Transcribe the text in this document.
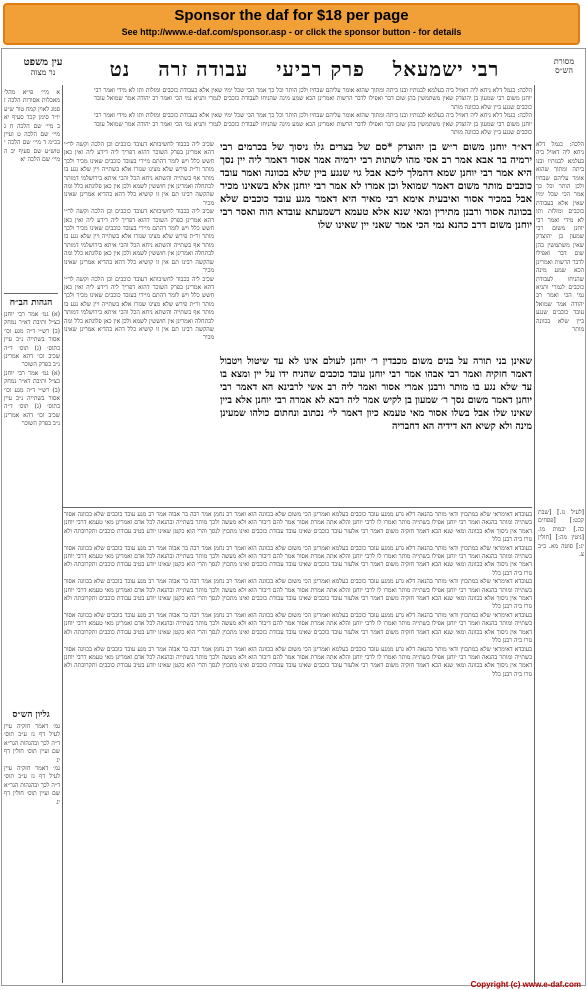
Sponsor the daf for $18 per page
See http://www.e-daf.com/sponsor.asp - or click the sponsor button - for details
עין משפט
נר מצוה	רבי ישמעאל פרק רביעי עבודה זרה נט	מסורת הש״ס

הלכה: כגמל דלא ניחא ליה דאזיל ביה בעלמא לבנותיו ובנו ביתה ומתוך שהוא אומר עליהם שבחיו ולכן הותר וכל כך אמר הכי שכל ימיו שאין אלא בעבודת כוכבים ומזלות ותו לא מידי ואמר רבי יוחנן משום רבי שמעון בן יהוצדק שאין משתמשין בהן שום דבר ואפילו לדבר הרשות ואמרינן הכא שמע מינה שהניחו לעבודת כוכבים לגמרי ותניא נמי הכי ואמר רב יהודה אמר שמואל עובד כוכבים שנגע ביין שלא בכוונה מותר

הלכה: כגמל דלא ניחא ליה דאזיל ביה בעלמא לבנותיו ובנו ביתה ומתוך שהוא אומר עליהם שבחיו ולכן הותר וכל כך אמר הכי שכל ימיו שאין אלא בעבודת כוכבים ומזלות ותו לא מידי ואמר רבי יוחנן משום רבי שמעון בן יהוצדק שאין משתמשין בהן שום דבר ואפילו לדבר הרשות ואמרינן הכא שמע מינה שהניחו לעבודת כוכבים לגמרי ותניא נמי הכי ואמר רב יהודה אמר שמואל עובד כוכבים שנגע ביין שלא בכוונה מותר

שכיב ליה בכבוד לחשיבותא דעובד כוכבים וכן הלכה וקשה לר״י דהא אמרינן בפרק השוכר דהוא דפריך ליה דידע ליה ואין כאן חשש כלל ויש לומר דהתם מיירי בעובד כוכבים שאינו מכיר ולכך מותר ור״ת פירש שלא מצינו שגזרו אלא בשתייה ויין שלא נגע בו מותר אף בשתייה והשתא ניחא הכל והכי איתא בירושלמי דמותר לכתחלה ואמרינן אין חוששין לשמא ולכן אין כאן פלוגתא כלל ומה שהקשה רבינו תם אין זו קושיא כלל דהא בהדיא אמרינן שאינו מכיר

שכיב ליה בכבוד לחשיבותא דעובד כוכבים וכן הלכה וקשה לר״י דהא אמרינן בפרק השוכר דהוא דפריך ליה דידע ליה ואין כאן חשש כלל ויש לומר דהתם מיירי בעובד כוכבים שאינו מכיר ולכך מותר ור״ת פירש שלא מצינו שגזרו אלא בשתייה ויין שלא נגע בו מותר אף בשתייה והשתא ניחא הכל והכי איתא בירושלמי דמותר לכתחלה ואמרינן אין חוששין לשמא ולכן אין כאן פלוגתא כלל ומה שהקשה רבינו תם אין זו קושיא כלל דהא בהדיא אמרינן שאינו מכיר

שכיב ליה בכבוד לחשיבותא דעובד כוכבים וכן הלכה וקשה לר״י דהא אמרינן בפרק השוכר דהוא דפריך ליה דידע ליה ואין כאן חשש כלל ויש לומר דהתם מיירי בעובד כוכבים שאינו מכיר ולכך מותר ור״ת פירש שלא מצינו שגזרו אלא בשתייה ויין שלא נגע בו מותר אף בשתייה והשתא ניחא הכל והכי איתא בירושלמי דמותר לכתחלה ואמרינן אין חוששין לשמא ולכן אין כאן פלוגתא כלל ומה שהקשה רבינו תם אין זו קושיא כלל דהא בהדיא אמרינן שאינו מכיר

דא״ר יוחנן משום ר״ש בן יהוצדק *סם של בצרים גלו ניסוך של בכרמים רבי ירמיה בר אבא אמר רב אסי מהו לשתות רבי ירמיה אמר אסור דאמר ליה יין נסך היא אמר רבי יוחנן שמא דהמלך ליכא אבל גוי שנגע ביין שלא בכוונה ואמר עובד כוכבים מותר משום דאמר שמואל וכן אמרו לא אמר רבי יוחנן אלא בשאינו מכיר אבל במכיר אסור ואיבעית אימא רבי מאיר היא דאמר מגע עובד כוכבים שלא בכוונה אסור ורבנן מתירין ומאי שנא אלא טעמא דשמעתא עובדא הוה ואסר רבי יוחנן משום דרב כהנא נמי הכי אמר שאני יין שאינו שלו

הלכה: כגמל דלא ניחא ליה דאזיל ביה בעלמא לבנותיו ובנו ביתה ומתוך שהוא אומר עליהם שבחיו ולכן הותר וכל כך אמר הכי שכל ימיו שאין אלא בעבודת כוכבים ומזלות ותו לא מידי ואמר רבי יוחנן משום רבי שמעון בן יהוצדק שאין משתמשין בהן שום דבר ואפילו לדבר הרשות ואמרינן הכא שמע מינה שהניחו לעבודת כוכבים לגמרי ותניא נמי הכי ואמר רב יהודה אמר שמואל עובד כוכבים שנגע ביין שלא בכוונה מותר

שאינן בני תורה על בנים משום מכבדין ר׳ יוחנן לעולם אינו לא עד שיטול ויטבול דאמר חזקיה ואמר רבי אבהו אמר רבי יוחנן עובד כוכבים שהניח ידו על יין ומצא בו עד שלא נגע בו מותר ורבנן אמרי אסור ואמר ליה רב אשי לרבינא הא דאמר רבי יוחנן דאמר משום נסך ר׳ שמעון בן לקיש אמר ליה רבא לא אמרה רבי יוחנן אלא ביין שאינו שלו אבל בשלו אסור מאי טעמא כיון דאמר לי׳ נכתוב ונחתום כולהו שמעינן מינה ולא קשיא הא דידיה הא דחבריה

בעובדא דאימראי שלא במתכוין ודאי מותר בהנאה דלא גרע ממגע עובד כוכבים בעלמא ואמרינן הכי משום שלא בכוונה הוא ואמר רב נחמן אמר רבה בר אבוה אמר רב מגע עובד כוכבים שלא בכוונה אסור בשתייה ומותר בהנאה ואמר רבי יוחנן אפילו בשתייה מותר ואמרו לו לרבי יוחנן והלא אתה אמרת אסור אמר להם דיבור הוא ולא מעשה ולכך מותר בשתייה ובהנאה לכל אדם ואמרינן מאי טעמא דרבי יוחנן דאמר אין ניסוך אלא בכוונה ומאי שנא הכא דאמר חזקיה משום דאמר רבי אלעזר עובד כוכבים שאינו עובד עבודת כוכבים ואינו מתכוין לנסך והרי הוא כקטן שאינו יודע בטיב עבודת כוכבים ותקרובתה ולא גזרו ביה רבנן כלל

בעובדא דאימראי שלא במתכוין ודאי מותר בהנאה דלא גרע ממגע עובד כוכבים בעלמא ואמרינן הכי משום שלא בכוונה הוא ואמר רב נחמן אמר רבה בר אבוה אמר רב מגע עובד כוכבים שלא בכוונה אסור בשתייה ומותר בהנאה ואמר רבי יוחנן אפילו בשתייה מותר ואמרו לו לרבי יוחנן והלא אתה אמרת אסור אמר להם דיבור הוא ולא מעשה ולכך מותר בשתייה ובהנאה לכל אדם ואמרינן מאי טעמא דרבי יוחנן דאמר אין ניסוך אלא בכוונה ומאי שנא הכא דאמר חזקיה משום דאמר רבי אלעזר עובד כוכבים שאינו עובד עבודת כוכבים ואינו מתכוין לנסך והרי הוא כקטן שאינו יודע בטיב עבודת כוכבים ותקרובתה ולא גזרו ביה רבנן כלל

בעובדא דאימראי שלא במתכוין ודאי מותר בהנאה דלא גרע ממגע עובד כוכבים בעלמא ואמרינן הכי משום שלא בכוונה הוא ואמר רב נחמן אמר רבה בר אבוה אמר רב מגע עובד כוכבים שלא בכוונה אסור בשתייה ומותר בהנאה ואמר רבי יוחנן אפילו בשתייה מותר ואמרו לו לרבי יוחנן והלא אתה אמרת אסור אמר להם דיבור הוא ולא מעשה ולכך מותר בשתייה ובהנאה לכל אדם ואמרינן מאי טעמא דרבי יוחנן דאמר אין ניסוך אלא בכוונה ומאי שנא הכא דאמר חזקיה משום דאמר רבי אלעזר עובד כוכבים שאינו עובד עבודת כוכבים ואינו מתכוין לנסך והרי הוא כקטן שאינו יודע בטיב עבודת כוכבים ותקרובתה ולא גזרו ביה רבנן כלל

בעובדא דאימראי שלא במתכוין ודאי מותר בהנאה דלא גרע ממגע עובד כוכבים בעלמא ואמרינן הכי משום שלא בכוונה הוא ואמר רב נחמן אמר רבה בר אבוה אמר רב מגע עובד כוכבים שלא בכוונה אסור בשתייה ומותר בהנאה ואמר רבי יוחנן אפילו בשתייה מותר ואמרו לו לרבי יוחנן והלא אתה אמרת אסור אמר להם דיבור הוא ולא מעשה ולכך מותר בשתייה ובהנאה לכל אדם ואמרינן מאי טעמא דרבי יוחנן דאמר אין ניסוך אלא בכוונה ומאי שנא הכא דאמר חזקיה משום דאמר רבי אלעזר עובד כוכבים שאינו עובד עבודת כוכבים ואינו מתכוין לנסך והרי הוא כקטן שאינו יודע בטיב עבודת כוכבים ותקרובתה ולא גזרו ביה רבנן כלל

בעובדא דאימראי שלא במתכוין ודאי מותר בהנאה דלא גרע ממגע עובד כוכבים בעלמא ואמרינן הכי משום שלא בכוונה הוא ואמר רב נחמן אמר רבה בר אבוה אמר רב מגע עובד כוכבים שלא בכוונה אסור בשתייה ומותר בהנאה ואמר רבי יוחנן אפילו בשתייה מותר ואמרו לו לרבי יוחנן והלא אתה אמרת אסור אמר להם דיבור הוא ולא מעשה ולכך מותר בשתייה ובהנאה לכל אדם ואמרינן מאי טעמא דרבי יוחנן דאמר אין ניסוך אלא בכוונה ומאי שנא הכא דאמר חזקיה משום דאמר רבי אלעזר עובד כוכבים שאינו עובד עבודת כוכבים ואינו מתכוין לנסך והרי הוא כקטן שאינו יודע בטיב עבודת כוכבים ותקרובתה ולא גזרו ביה רבנן כלל

א מיי׳ פי״א מהל׳ מאכלות אסורות הלכה ז סמג לאוין קמח טור ש״ע יו״ד סימן קכד סעיף יא ב מיי׳ שם הלכה ח ג מיי׳ שם הלכה ט ועיין בכ״מ ד מיי׳ שם הלכה י טוש״ע שם סעיף יב ה מיי׳ שם הלכה יא

הגהות הב״ח

(א) גמ׳ אמר רבי יוחנן כצ״ל ותיבת דא״ר נמחק (ב) רש״י ד״ה מגע וכו׳ אסור בשתייה נ״ב עיין בתוס׳ (ג) תוס׳ ד״ה שכיב וכו׳ דהא אמרינן נ״ב בפרק השוכר

(א) גמ׳ אמר רבי יוחנן כצ״ל ותיבת דא״ר נמחק (ב) רש״י ד״ה מגע וכו׳ אסור בשתייה נ״ב עיין בתוס׳ (ג) תוס׳ ד״ה שכיב וכו׳ דהא אמרינן נ״ב בפרק השוכר

גליון הש״ס

גמ׳ דאמר חזקיה עיין לעיל דף נז ע״ב תוס׳ ד״ה לכך ובהגהות הגר״א שם ועיין תוס׳ חולין דף יג

גמ׳ דאמר חזקיה עיין לעיל דף נז ע״ב תוס׳ ד״ה לכך ובהגהות הגר״א שם ועיין תוס׳ חולין דף יג

[לעיל נז.] [שבת קכט:] [פסחים כה.] יבמות מו. [גיטין מה:] [חולין יג:] סוטה מא. ב״ב צ.

Copyright (c) www.e-daf.com
